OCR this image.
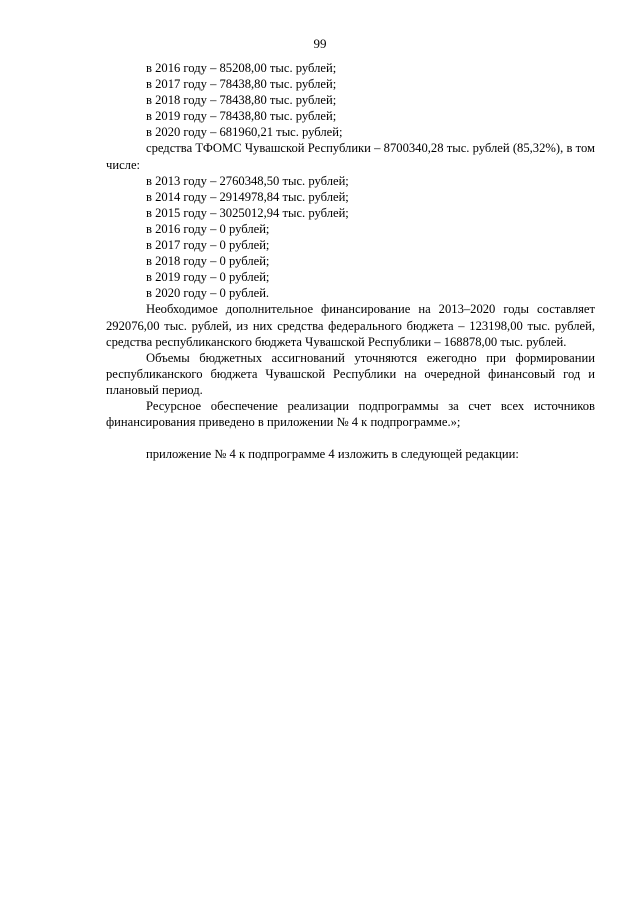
99

в 2016 году – 85208,00 тыс. рублей;

в 2017 году – 78438,80 тыс. рублей;

в 2018 году – 78438,80 тыс. рублей;

в 2019 году – 78438,80 тыс. рублей;

в 2020 году – 681960,21 тыс. рублей;

средства ТФОМС Чувашской Республики – 8700340,28 тыс. рублей (85,32%), в том числе:

в 2013 году – 2760348,50 тыс. рублей;

в 2014 году – 2914978,84 тыс. рублей;

в 2015 году – 3025012,94 тыс. рублей;

в 2016 году – 0 рублей;

в 2017 году – 0 рублей;

в 2018 году – 0 рублей;

в 2019 году – 0 рублей;

в 2020 году – 0 рублей.

Необходимое дополнительное финансирование на 2013–2020 годы составляет 292076,00 тыс. рублей, из них средства федерального бюджета – 123198,00 тыс. рублей, средства республиканского бюджета Чувашской Республики – 168878,00 тыс. рублей.

Объемы бюджетных ассигнований уточняются ежегодно при формировании республиканского бюджета Чувашской Республики на очередной финансовый год и плановый период.

Ресурсное обеспечение реализации подпрограммы за счет всех источников финансирования приведено в приложении № 4 к подпрограмме.»;

приложение № 4 к подпрограмме 4 изложить в следующей редакции:
